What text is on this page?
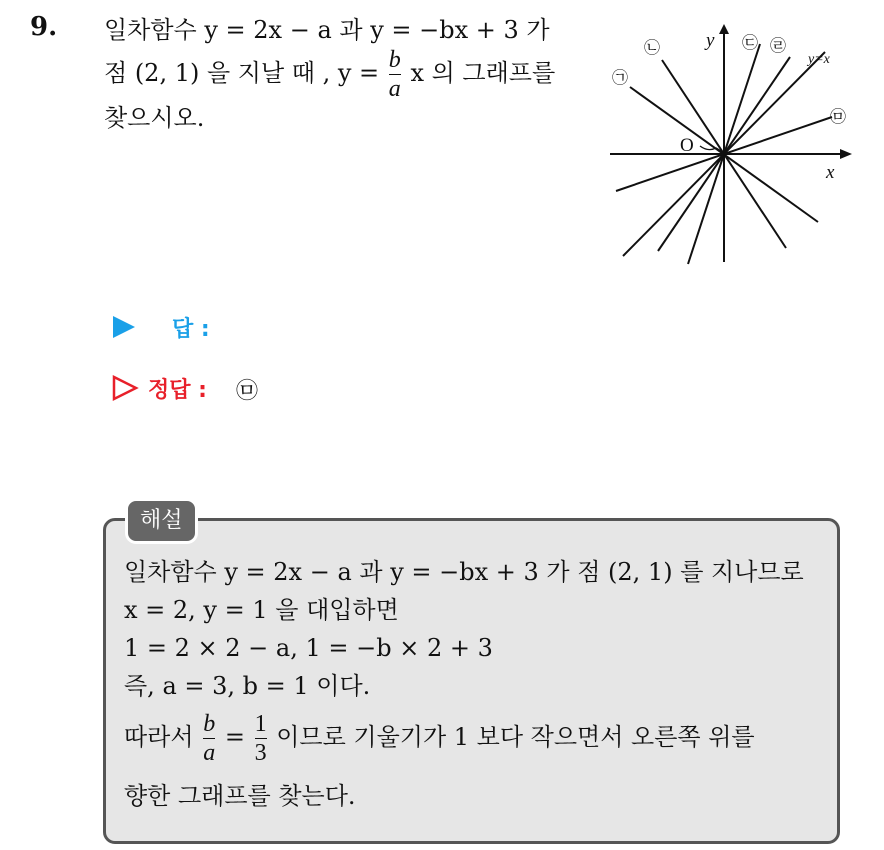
9. 일차함수 y = 2x − a 과 y = −bx + 3 가
점 (2, 1) 을 지날 때 , $y = \frac{b}{a}$ x 의 그래프를
찾으시오.
y
x
y=x
O
㉠
㉡	㉢ ㉣
㉤
답 :
정답 : ㉤
해설
일차함수 y = 2x − a 과 y = −bx + 3 가 점 (2, 1) 를 지나므로
x = 2, y = 1 을 대입하면
1 = 2 × 2 − a, 1 = −b × 2 + 3
즉, a = 3, b = 1 이다.
따라서 $\frac{b}{a} = \frac{1}{3}$ 이므로 기울기가 1 보다 작으면서 오른쪽 위를
향한 그래프를 찾는다.
